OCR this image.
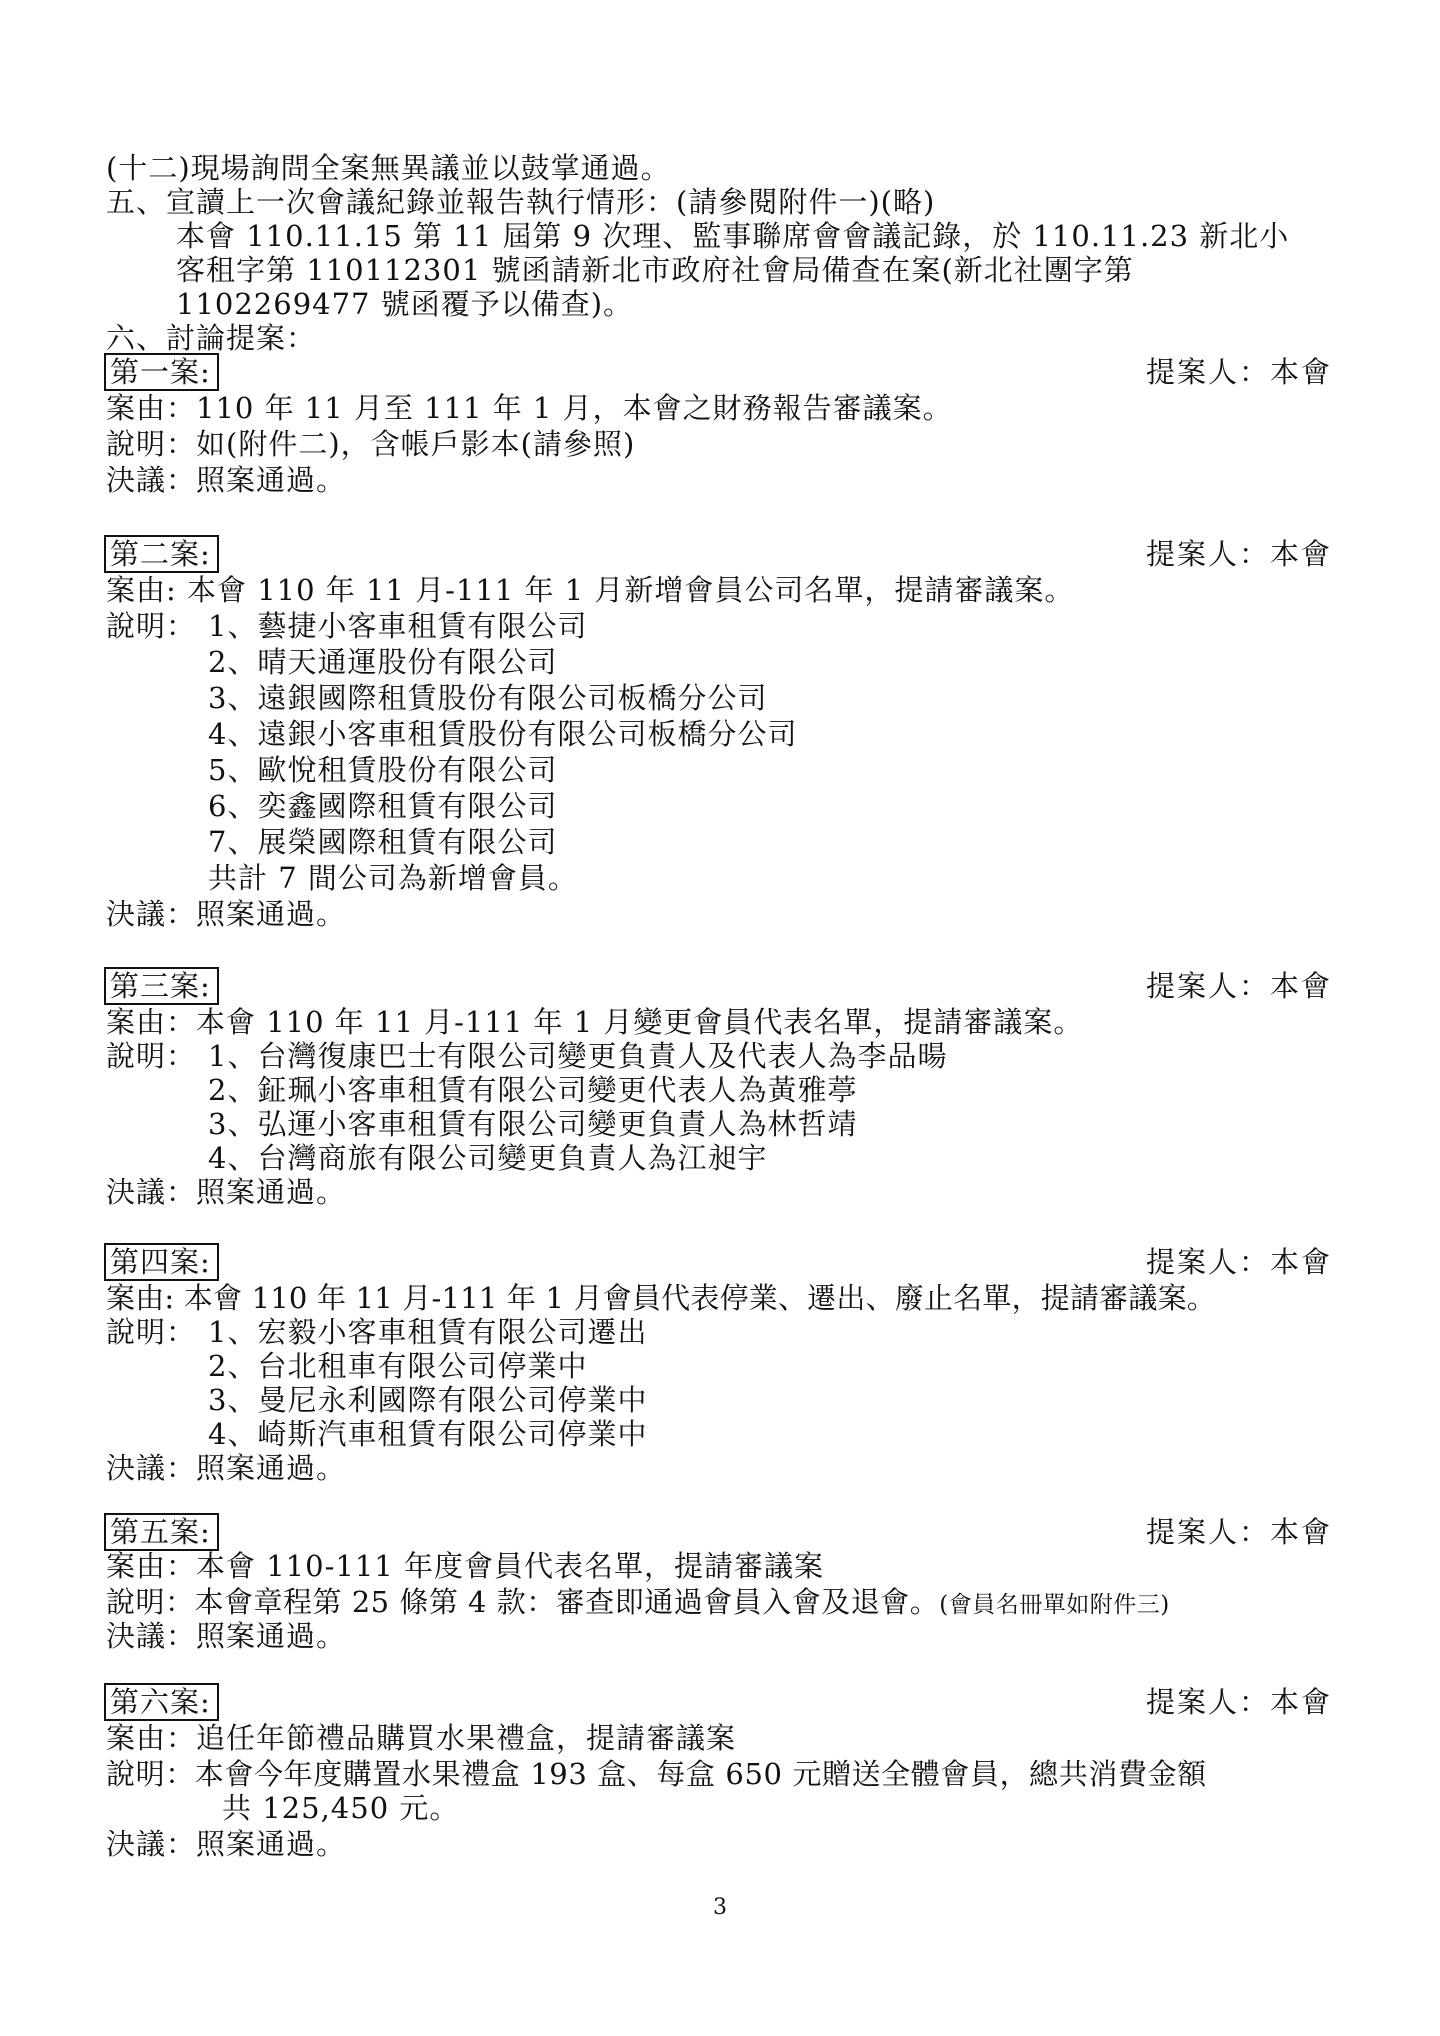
(十二)現場詢問全案無異議並以鼓掌通過。
五、宣讀上一次會議紀錄並報告執行情形：(請參閱附件一)(略)
本會 110.11.15 第 11 屆第 9 次理、監事聯席會會議記錄，於 110.11.23 新北小
客租字第 110112301 號函請新北市政府社會局備查在案(新北社團字第
1102269477 號函覆予以備查)。
六、討論提案：
第一案:	提案人：本會
案由：110 年 11 月至 111 年 1 月，本會之財務報告審議案。
說明：如(附件二)，含帳戶影本(請參照)
決議：照案通過。
第二案:	提案人：本會
案由: 本會 110 年 11 月-111 年 1 月新增會員公司名單，提請審議案。
說明： 1、藝捷小客車租賃有限公司
2、晴天通運股份有限公司
3、遠銀國際租賃股份有限公司板橋分公司
4、遠銀小客車租賃股份有限公司板橋分公司
5、歐悅租賃股份有限公司
6、奕鑫國際租賃有限公司
7、展榮國際租賃有限公司
共計 7 間公司為新增會員。
決議：照案通過。
第三案:	提案人：本會
案由：本會 110 年 11 月-111 年 1 月變更會員代表名單，提請審議案。
說明： 1、台灣復康巴士有限公司變更負責人及代表人為李品暘
2、鉦珮小客車租賃有限公司變更代表人為黃雅葶
3、弘運小客車租賃有限公司變更負責人為林哲靖
4、台灣商旅有限公司變更負責人為江昶宇
決議：照案通過。
第四案:	提案人：本會
案由: 本會 110 年 11 月-111 年 1 月會員代表停業、遷出、廢止名單，提請審議案。
說明： 1、宏毅小客車租賃有限公司遷出
2、台北租車有限公司停業中
3、曼尼永利國際有限公司停業中
4、崎斯汽車租賃有限公司停業中
決議：照案通過。
第五案:	提案人：本會
案由：本會 110-111 年度會員代表名單，提請審議案
說明：本會章程第 25 條第 4 款：審查即通過會員入會及退會。(會員名冊單如附件三)
決議：照案通過。
第六案:	提案人：本會
案由：追任年節禮品購買水果禮盒，提請審議案
說明：本會今年度購置水果禮盒 193 盒、每盒 650 元贈送全體會員，總共消費金額
共 125,450 元。
決議：照案通過。
3
